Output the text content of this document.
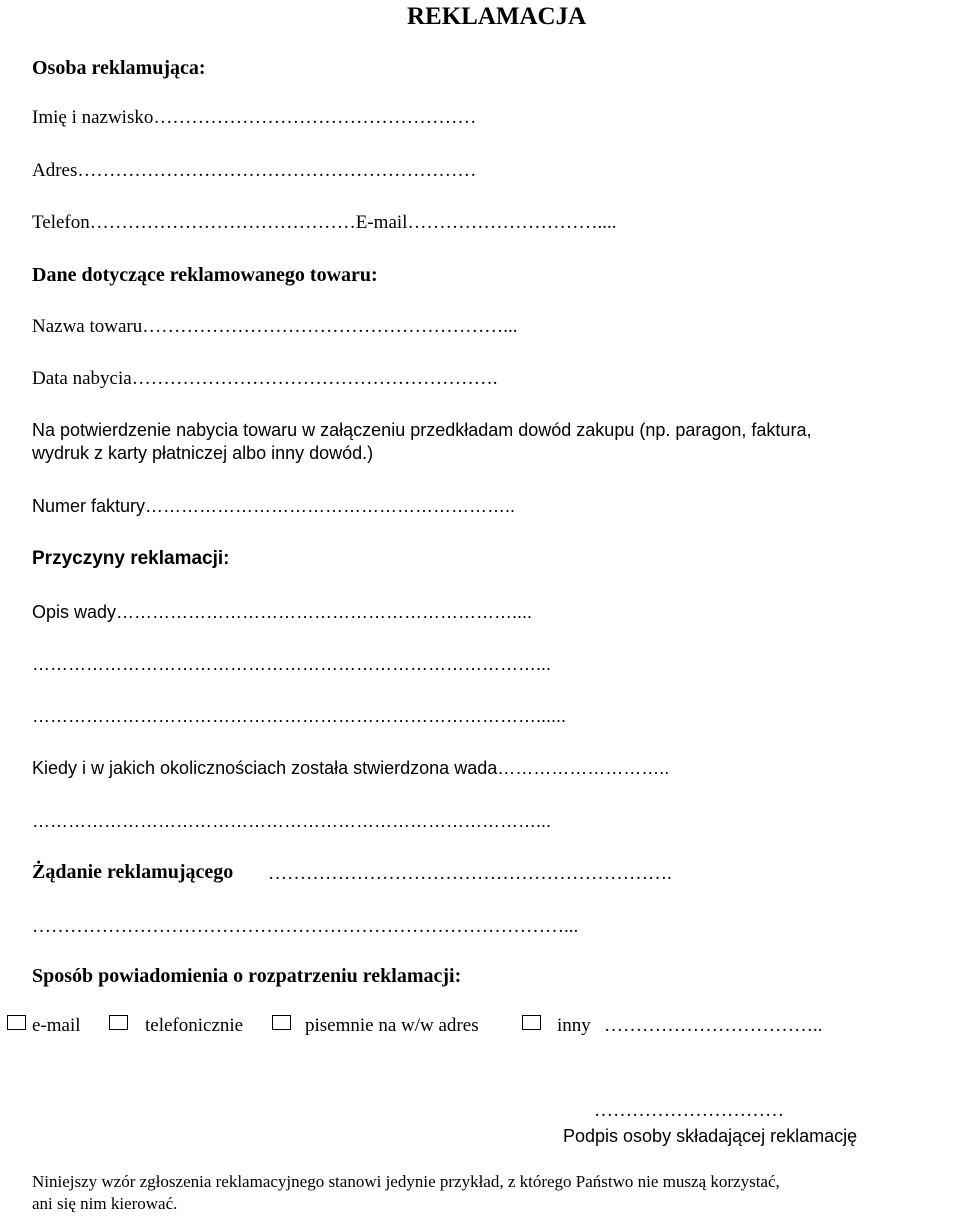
REKLAMACJA
Osoba reklamująca:
Imię i nazwisko……………………………………………
Adres………………………………………………………
Telefon……………………………………E-mail…………………………....
Dane dotyczące reklamowanego towaru:
Nazwa towaru…………………………………………………...
Data nabycia………………………………………………….
Na potwierdzenie nabycia towaru w załączeniu przedkładam dowód zakupu (np. paragon, faktura,
wydruk z karty płatniczej albo inny dowód.)
Numer faktury……………………………………………………..
Przyczyny reklamacji:
Opis wady…………………………………………………………....
…………………………………………………………………………...
…………………………………………………………………………......
Kiedy i w jakich okolicznościach została stwierdzona wada………………………..
…………………………………………………………………………...
Żądanie reklamującego ……………………………………………………….
…………………………………………………………………………...
Sposób powiadomienia o rozpatrzeniu reklamacji:
e-mail	telefonicznie	pisemnie na w/w adres	inny ……………………………..
…………………………
Podpis osoby składającej reklamację
Niniejszy wzór zgłoszenia reklamacyjnego stanowi jedynie przykład, z którego Państwo nie muszą korzystać,
ani się nim kierować.
